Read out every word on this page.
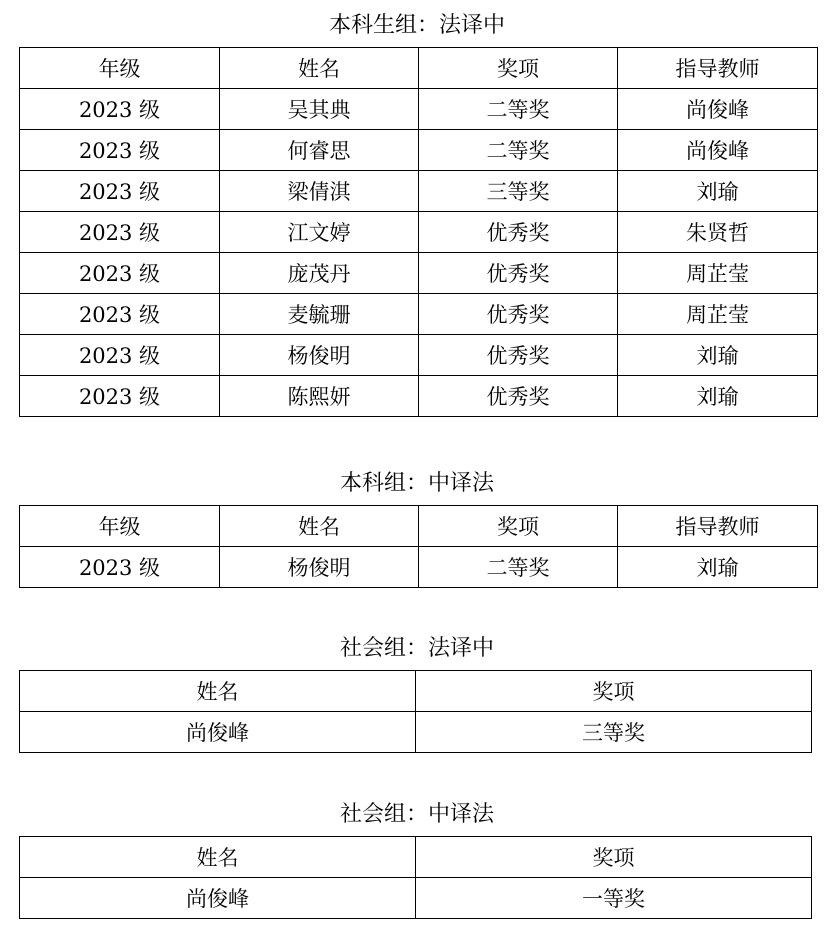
本科生组：法译中
年级	姓名	奖项	指导教师
2023 级	吴其典	二等奖	尚俊峰
2023 级	何睿思	二等奖	尚俊峰
2023 级	梁倩淇	三等奖	刘瑜
2023 级	江文婷	优秀奖	朱贤哲
2023 级	庞茂丹	优秀奖	周芷莹
2023 级	麦毓珊	优秀奖	周芷莹
2023 级	杨俊明	优秀奖	刘瑜
2023 级	陈熙妍	优秀奖	刘瑜
本科组：中译法
年级	姓名	奖项	指导教师
2023 级	杨俊明	二等奖	刘瑜
社会组：法译中
姓名	奖项
尚俊峰	三等奖
社会组：中译法
姓名	奖项
尚俊峰	一等奖
